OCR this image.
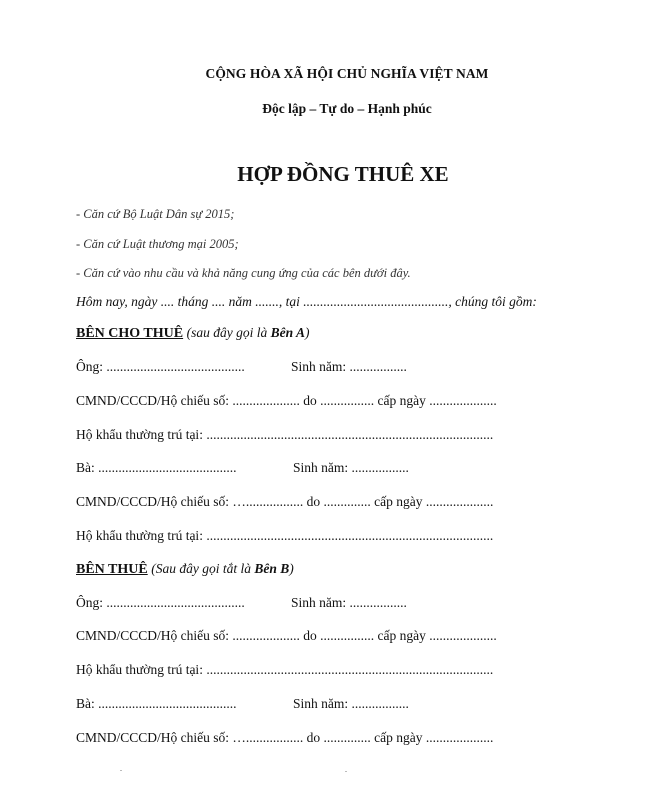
CỘNG HÒA XÃ HỘI CHỦ NGHĨA VIỆT NAM
Độc lập – Tự do – Hạnh phúc
HỢP ĐỒNG THUÊ XE
- Căn cứ Bộ Luật Dân sự 2015;
- Căn cứ Luật thương mại 2005;
- Căn cứ vào nhu cầu và khả năng cung ứng của các bên dưới đây.
Hôm nay, ngày .... tháng .... năm ......., tại ..........................................., chúng tôi gồm:
BÊN CHO THUÊ (sau đây gọi là Bên A)
Ông: .........................................	Sinh năm: .................
CMND/CCCD/Hộ chiếu số: .................... do ................ cấp ngày ....................
Hộ khẩu thường trú tại: .....................................................................................
Bà: .........................................	Sinh năm: .................
CMND/CCCD/Hộ chiếu số: …................. do .............. cấp ngày ....................
Hộ khẩu thường trú tại: .....................................................................................
BÊN THUÊ (Sau đây gọi tắt là Bên B)
Ông: .........................................	Sinh năm: .................
CMND/CCCD/Hộ chiếu số: .................... do ................ cấp ngày ....................
Hộ khẩu thường trú tại: .....................................................................................
Bà: .........................................	Sinh năm: .................
CMND/CCCD/Hộ chiếu số: …................. do .............. cấp ngày ....................
